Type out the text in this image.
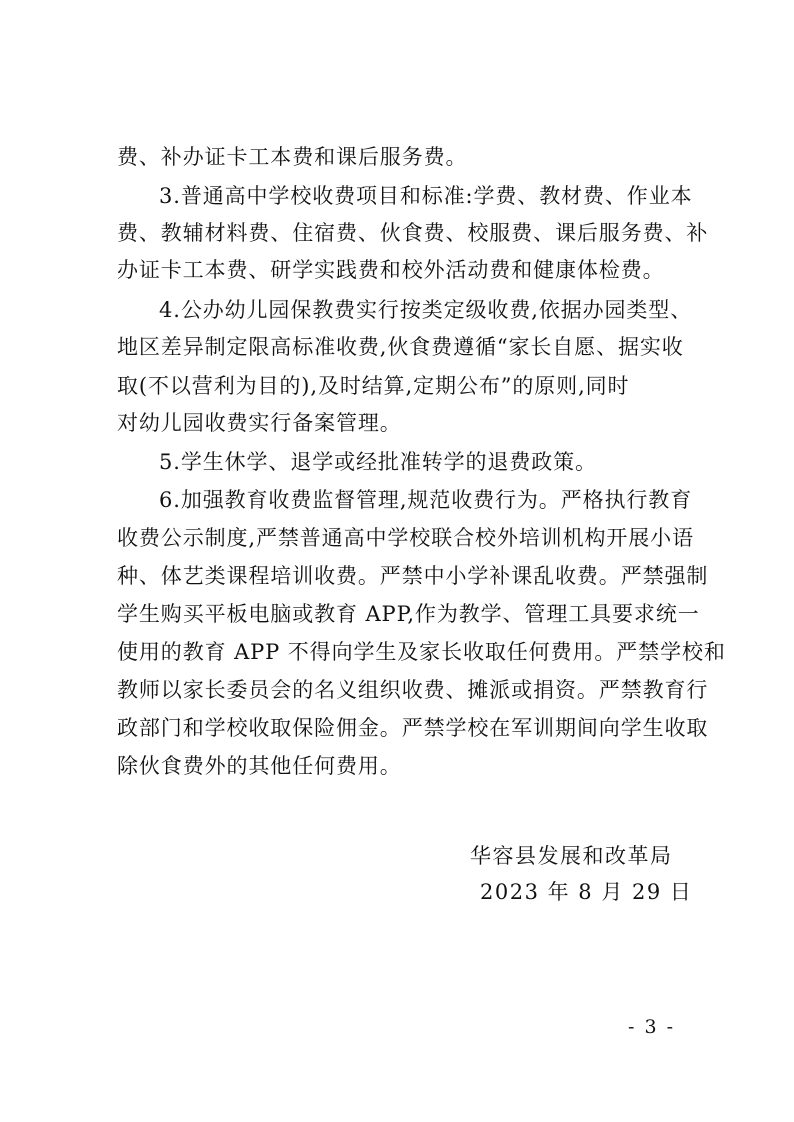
费、补办证卡工本费和课后服务费。
3.普通高中学校收费项目和标准:学费、教材费、作业本
费、教辅材料费、住宿费、伙食费、校服费、课后服务费、补
办证卡工本费、研学实践费和校外活动费和健康体检费。
4.公办幼儿园保教费实行按类定级收费,依据办园类型、
地区差异制定限高标准收费,伙食费遵循“家长自愿、据实收
取(不以营利为目的),及时结算,定期公布”的原则,同时
对幼儿园收费实行备案管理。
5.学生休学、退学或经批准转学的退费政策。
6.加强教育收费监督管理,规范收费行为。严格执行教育
收费公示制度,严禁普通高中学校联合校外培训机构开展小语
种、体艺类课程培训收费。严禁中小学补课乱收费。严禁强制
学生购买平板电脑或教育 APP,作为教学、管理工具要求统一
使用的教育 APP 不得向学生及家长收取任何费用。严禁学校和
教师以家长委员会的名义组织收费、摊派或捐资。严禁教育行
政部门和学校收取保险佣金。严禁学校在军训期间向学生收取
除伙食费外的其他任何费用。
华容县发展和改革局
2023 年 8 月 29 日
- 3 -
